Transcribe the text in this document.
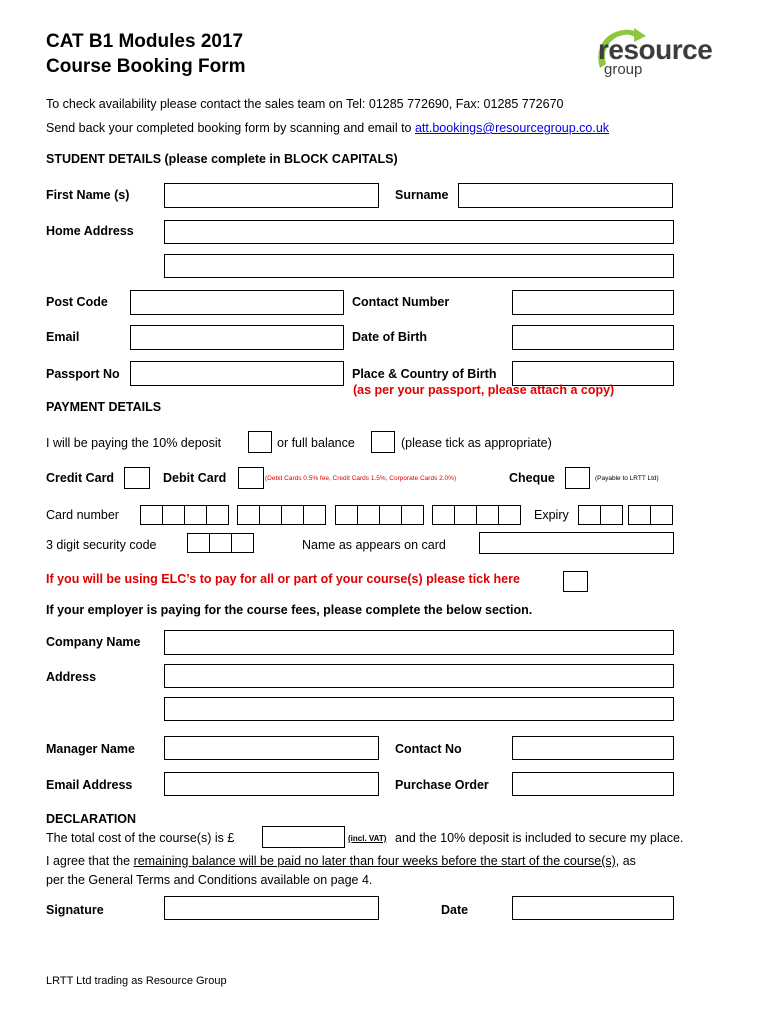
CAT B1 Modules 2017
Course Booking Form
resource
group
To check availability please contact the sales team on Tel: 01285 772690, Fax: 01285 772670
Send back your completed booking form by scanning and email to att.bookings@resourcegroup.co.uk
STUDENT DETAILS (please complete in BLOCK CAPITALS)
First Name (s)	Surname
Home Address
Post Code	Contact Number
Email	Date of Birth
Passport No	Place & Country of Birth
(as per your passport, please attach a copy)
PAYMENT DETAILS
I will be paying the 10% deposit	or full balance	(please tick as appropriate)
Credit Card	Debit Card	(Debit Cards 0.5% fee, Credit Cards 1.5%, Corporate Cards 2.0%)	Cheque	(Payable to LRTT Ltd)
Card number	Expiry
3 digit security code	Name as appears on card
If you will be using ELC’s to pay for all or part of your course(s) please tick here
If your employer is paying for the course fees, please complete the below section.
Company Name
Address
Manager Name	Contact No
Email Address	Purchase Order
DECLARATION
The total cost of the course(s) is £	(incl. VAT) and the 10% deposit is included to secure my place.
I agree that the remaining balance will be paid no later than four weeks before the start of the course(s), as
per the General Terms and Conditions available on page 4.
Signature	Date
LRTT Ltd trading as Resource Group
